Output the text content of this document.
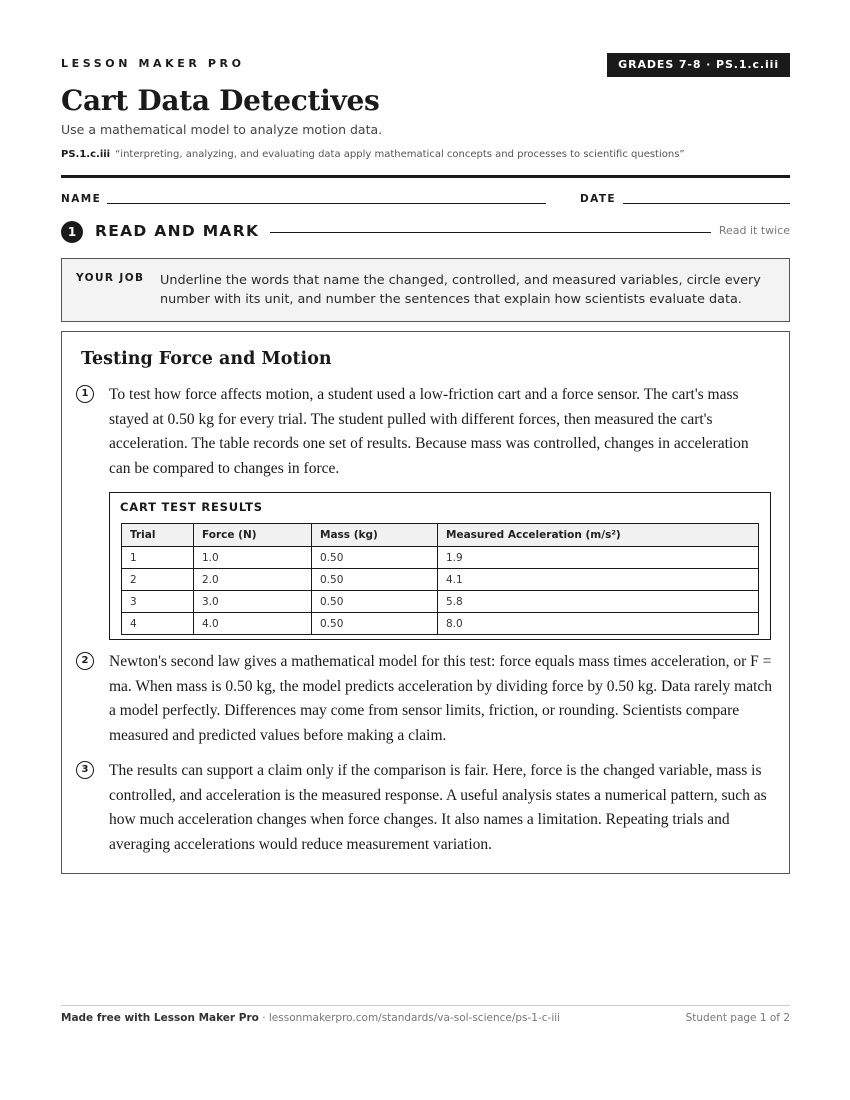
LESSON MAKER PRO	GRADES 7-8 · PS.1.c.iii
Cart Data Detectives
Use a mathematical model to analyze motion data.
PS.1.c.iii “interpreting, analyzing, and evaluating data apply mathematical concepts and processes to scientific questions”
NAME	DATE
1	READ AND MARK	Read it twice
YOUR JOB Underline the words that name the changed, controlled, and measured variables, circle every number with its unit, and number the sentences that explain how scientists evaluate data.
Testing Force and Motion
1	To test how force affects motion, a student used a low-friction cart and a force sensor. The cart's mass stayed at 0.50 kg for every trial. The student pulled with different forces, then measured the cart's acceleration. The table records one set of results. Because mass was controlled, changes in acceleration can be compared to changes in force.

CART TEST RESULTS
Trial	Force (N)	Mass (kg)	Measured Acceleration (m/s²)
1	1.0	0.50	1.9
2	2.0	0.50	4.1
3	3.0	0.50	5.8
4	4.0	0.50	8.0
2	Newton's second law gives a mathematical model for this test: force equals mass times acceleration, or F = ma. When mass is 0.50 kg, the model predicts acceleration by dividing force by 0.50 kg. Data rarely match a model perfectly. Differences may come from sensor limits, friction, or rounding. Scientists compare measured and predicted values before making a claim.

3	The results can support a claim only if the comparison is fair. Here, force is the changed variable, mass is controlled, and acceleration is the measured response. A useful analysis states a numerical pattern, such as how much acceleration changes when force changes. It also names a limitation. Repeating trials and averaging accelerations would reduce measurement variation.

Made free with Lesson Maker Pro · lessonmakerpro.com/standards/va-sol-science/ps-1-c-iii	Student page 1 of 2
